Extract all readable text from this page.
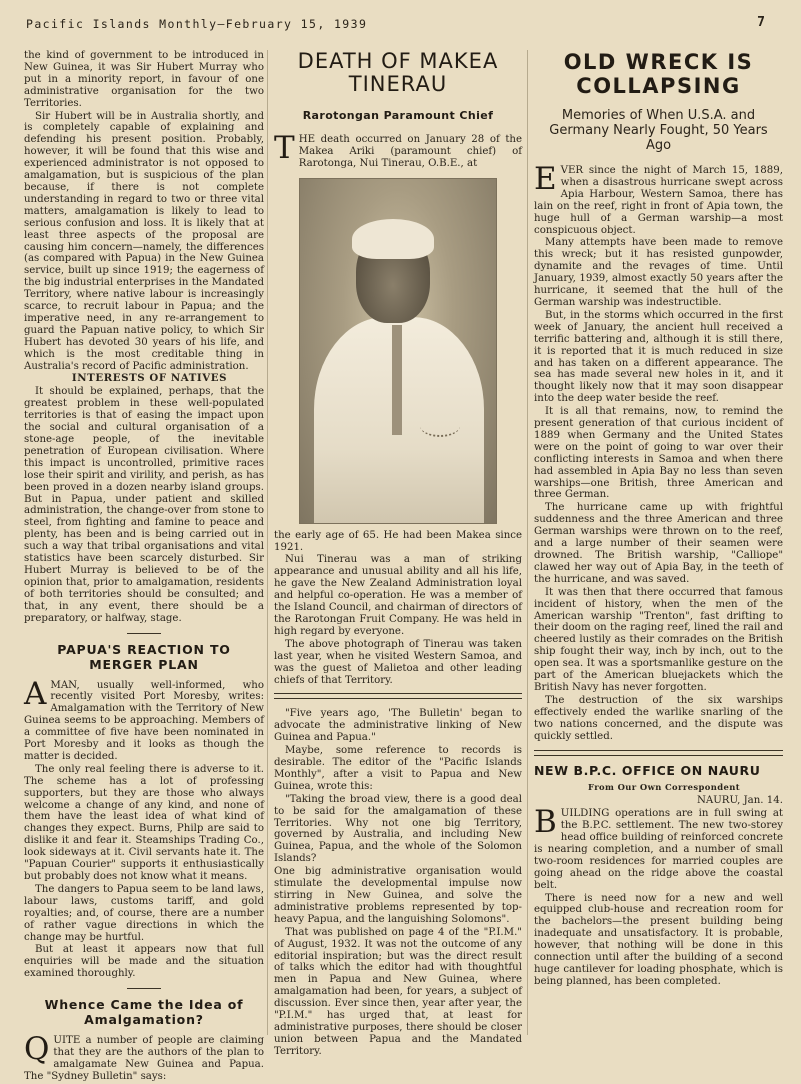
Pacific Islands Monthly—February 15, 1939	7

the kind of government to be introduced in New Guinea, it was Sir Hubert Murray who put in a minority report, in favour of one administrative organisation for the two Territories.

Sir Hubert will be in Australia shortly, and is completely capable of explaining and defending his present position. Probably, however, it will be found that this wise and experienced administrator is not opposed to amalgamation, but is suspicious of the plan because, if there is not complete understanding in regard to two or three vital matters, amalgamation is likely to lead to serious confusion and loss. It is likely that at least three aspects of the proposal are causing him concern—namely, the differences (as compared with Papua) in the New Guinea service, built up since 1919; the eagerness of the big industrial enterprises in the Mandated Territory, where native labour is increasingly scarce, to recruit labour in Papua; and the imperative need, in any re-arrangement to guard the Papuan native policy, to which Sir Hubert has devoted 30 years of his life, and which is the most creditable thing in Australia's record of Pacific administration.

INTERESTS OF NATIVES

It should be explained, perhaps, that the greatest problem in these well-populated territories is that of easing the impact upon the social and cultural organisation of a stone-age people, of the inevitable penetration of European civilisation. Where this impact is uncontrolled, primitive races lose their spirit and virility, and perish, as has been proved in a dozen nearby island groups. But in Papua, under patient and skilled administration, the change-over from stone to steel, from fighting and famine to peace and plenty, has been and is being carried out in such a way that tribal organisations and vital statistics have been scarcely disturbed. Sir Hubert Murray is believed to be of the opinion that, prior to amalgamation, residents of both territories should be consulted; and that, in any event, there should be a preparatory, or halfway, stage.

PAPUA'S REACTION TO MERGER PLAN

AMAN, usually well-informed, who recently visited Port Moresby, writes: Amalgamation with the Territory of New Guinea seems to be approaching. Members of a committee of five have been nominated in Port Moresby and it looks as though the matter is decided.

The only real feeling there is adverse to it. The scheme has a lot of professing supporters, but they are those who always welcome a change of any kind, and none of them have the least idea of what kind of changes they expect. Burns, Philp are said to dislike it and fear it. Steamships Trading Co., look sideways at it. Civil servants hate it. The "Papuan Courier" supports it enthusiastically but probably does not know what it means.

The dangers to Papua seem to be land laws, labour laws, customs tariff, and gold royalties; and, of course, there are a number of rather vague directions in which the change may be hurtful.

But at least it appears now that full enquiries will be made and the situation examined thoroughly.

Whence Came the Idea of Amalgamation?

QUITE a number of people are claiming that they are the authors of the plan to amalgamate New Guinea and Papua. The "Sydney Bulletin" says:

DEATH OF MAKEA TINERAU
Rarotongan Paramount Chief

THE death occurred on January 28 of the Makea Ariki (paramount chief) of Rarotonga, Nui Tinerau, O.B.E., at

the early age of 65. He had been Makea since 1921.

Nui Tinerau was a man of striking appearance and unusual ability and all his life, he gave the New Zealand Administration loyal and helpful co-operation. He was a member of the Island Council, and chairman of directors of the Rarotongan Fruit Company. He was held in high regard by everyone.

The above photograph of Tinerau was taken last year, when he visited Western Samoa, and was the guest of Malietoa and other leading chiefs of that Territory.

"Five years ago, 'The Bulletin' began to advocate the administrative linking of New Guinea and Papua."

Maybe, some reference to records is desirable. The editor of the "Pacific Islands Monthly", after a visit to Papua and New Guinea, wrote this:

"Taking the broad view, there is a good deal to be said for the amalgamation of these Territories. Why not one big Territory, governed by Australia, and including New Guinea, Papua, and the whole of the Solomon Islands?

One big administrative organisation would stimulate the developmental impulse now stirring in New Guinea, and solve the administrative problems represented by top-heavy Papua, and the languishing Solomons".

That was published on page 4 of the "P.I.M." of August, 1932. It was not the outcome of any editorial inspiration; but was the direct result of talks which the editor had with thoughtful men in Papua and New Guinea, where amalgamation had been, for years, a subject of discussion. Ever since then, year after year, the "P.I.M." has urged that, at least for administrative purposes, there should be closer union between Papua and the Mandated Territory.

OLD WRECK IS COLLAPSING
Memories of When U.S.A. and Germany Nearly Fought, 50 Years Ago

EVER since the night of March 15, 1889, when a disastrous hurricane swept across Apia Harbour, Western Samoa, there has lain on the reef, right in front of Apia town, the huge hull of a German warship—a most conspicuous object.

Many attempts have been made to remove this wreck; but it has resisted gunpowder, dynamite and the revages of time. Until January, 1939, almost exactly 50 years after the hurricane, it seemed that the hull of the German warship was indestructible.

But, in the storms which occurred in the first week of January, the ancient hull received a terrific battering and, although it is still there, it is reported that it is much reduced in size and has taken on a different appearance. The sea has made several new holes in it, and it thought likely now that it may soon disappear into the deep water beside the reef.

It is all that remains, now, to remind the present generation of that curious incident of 1889 when Germany and the United States were on the point of going to war over their conflicting interests in Samoa and when there had assembled in Apia Bay no less than seven warships—one British, three American and three German.

The hurricane came up with frightful suddenness and the three American and three German warships were thrown on to the reef, and a large number of their seamen were drowned. The British warship, "Calliope" clawed her way out of Apia Bay, in the teeth of the hurricane, and was saved.

It was then that there occurred that famous incident of history, when the men of the American warship "Trenton", fast drifting to their doom on the raging reef, lined the rail and cheered lustily as their comrades on the British ship fought their way, inch by inch, out to the open sea. It was a sportsmanlike gesture on the part of the American bluejackets which the British Navy has never forgotten.

The destruction of the six warships effectively ended the warlike snarling of the two nations concerned, and the dispute was quickly settled.

NEW B.P.C. OFFICE ON NAURU

From Our Own Correspondent

NAURU, Jan. 14.

BUILDING operations are in full swing at the B.P.C. settlement. The new two-storey head office building of reinforced concrete is nearing completion, and a number of small two-room residences for married couples are going ahead on the ridge above the coastal belt.

There is need now for a new and well equipped club-house and recreation room for the bachelors—the present building being inadequate and unsatisfactory. It is probable, however, that nothing will be done in this connection until after the building of a second huge cantilever for loading phosphate, which is being planned, has been completed.
